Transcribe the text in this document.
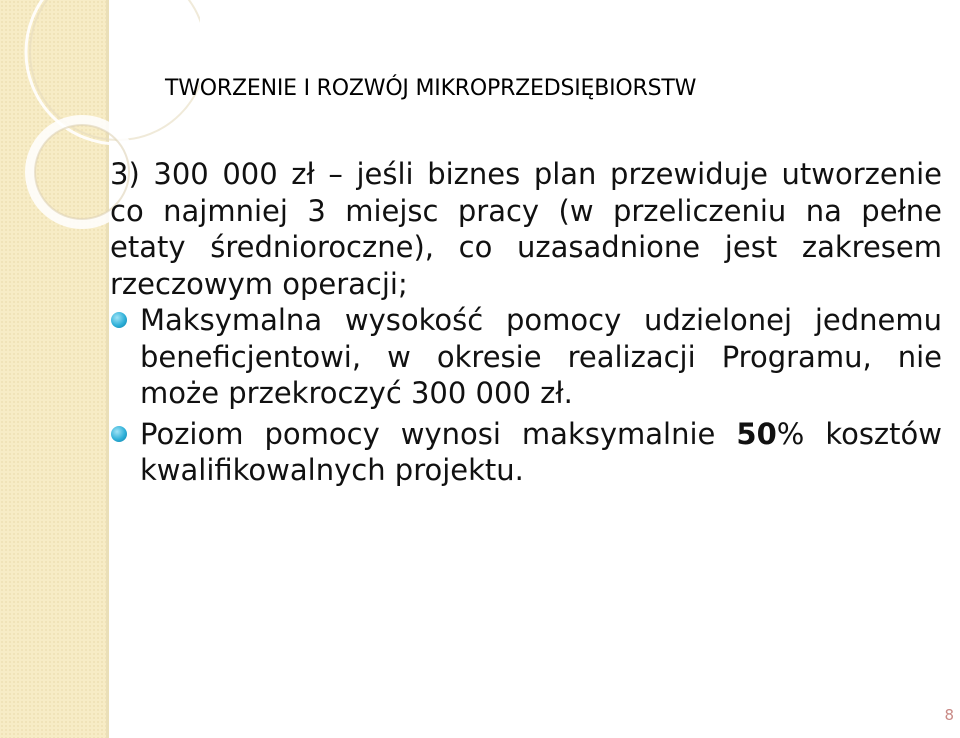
TWORZENIE I ROZWÓJ MIKROPRZEDSIĘBIORSTW

3) 300 000 zł – jeśli biznes plan przewiduje utworzenie co najmniej 3 miejsc pracy (w przeliczeniu na pełne etaty średnioroczne), co uzasadnione jest zakresem rzeczowym operacji;

Maksymalna wysokość pomocy udzielonej jednemu beneficjentowi, w okresie realizacji Programu, nie może przekroczyć 300 000 zł.

Poziom pomocy wynosi maksymalnie 50% kosztów kwalifikowalnych projektu.

8
